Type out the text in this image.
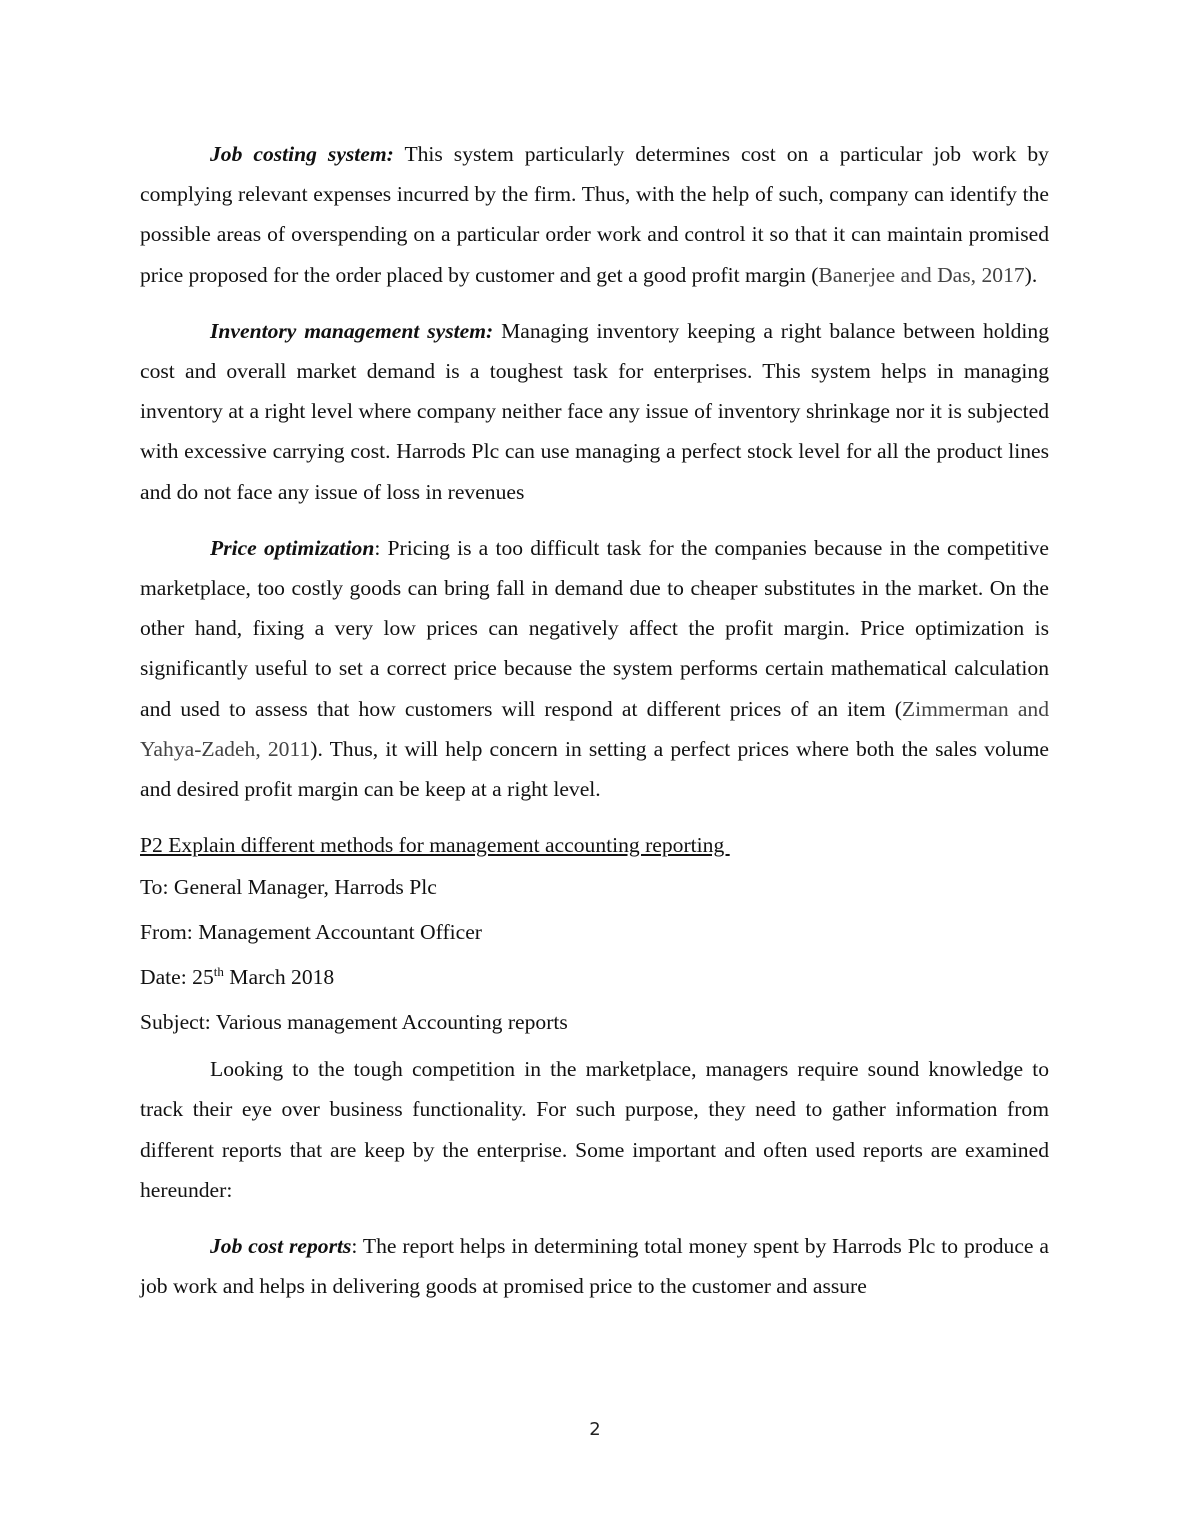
Job costing system: This system particularly determines cost on a particular job work by complying relevant expenses incurred by the firm. Thus, with the help of such, company can identify the possible areas of overspending on a particular order work and control it so that it can maintain promised price proposed for the order placed by customer and get a good profit margin (Banerjee and Das, 2017).

Inventory management system: Managing inventory keeping a right balance between holding cost and overall market demand is a toughest task for enterprises. This system helps in managing inventory at a right level where company neither face any issue of inventory shrinkage nor it is subjected with excessive carrying cost. Harrods Plc can use managing a perfect stock level for all the product lines and do not face any issue of loss in revenues

Price optimization: Pricing is a too difficult task for the companies because in the competitive marketplace, too costly goods can bring fall in demand due to cheaper substitutes in the market. On the other hand, fixing a very low prices can negatively affect the profit margin. Price optimization is significantly useful to set a correct price because the system performs certain mathematical calculation and used to assess that how customers will respond at different prices of an item (Zimmerman and Yahya-Zadeh, 2011). Thus, it will help concern in setting a perfect prices where both the sales volume and desired profit margin can be keep at a right level.

P2 Explain different methods for management accounting reporting

To: General Manager, Harrods Plc

From: Management Accountant Officer

Date: 25th March 2018

Subject: Various management Accounting reports

Looking to the tough competition in the marketplace, managers require sound knowledge to track their eye over business functionality. For such purpose, they need to gather information from different reports that are keep by the enterprise. Some important and often used reports are examined hereunder:

Job cost reports: The report helps in determining total money spent by Harrods Plc to produce a job work and helps in delivering goods at promised price to the customer and assure

2
